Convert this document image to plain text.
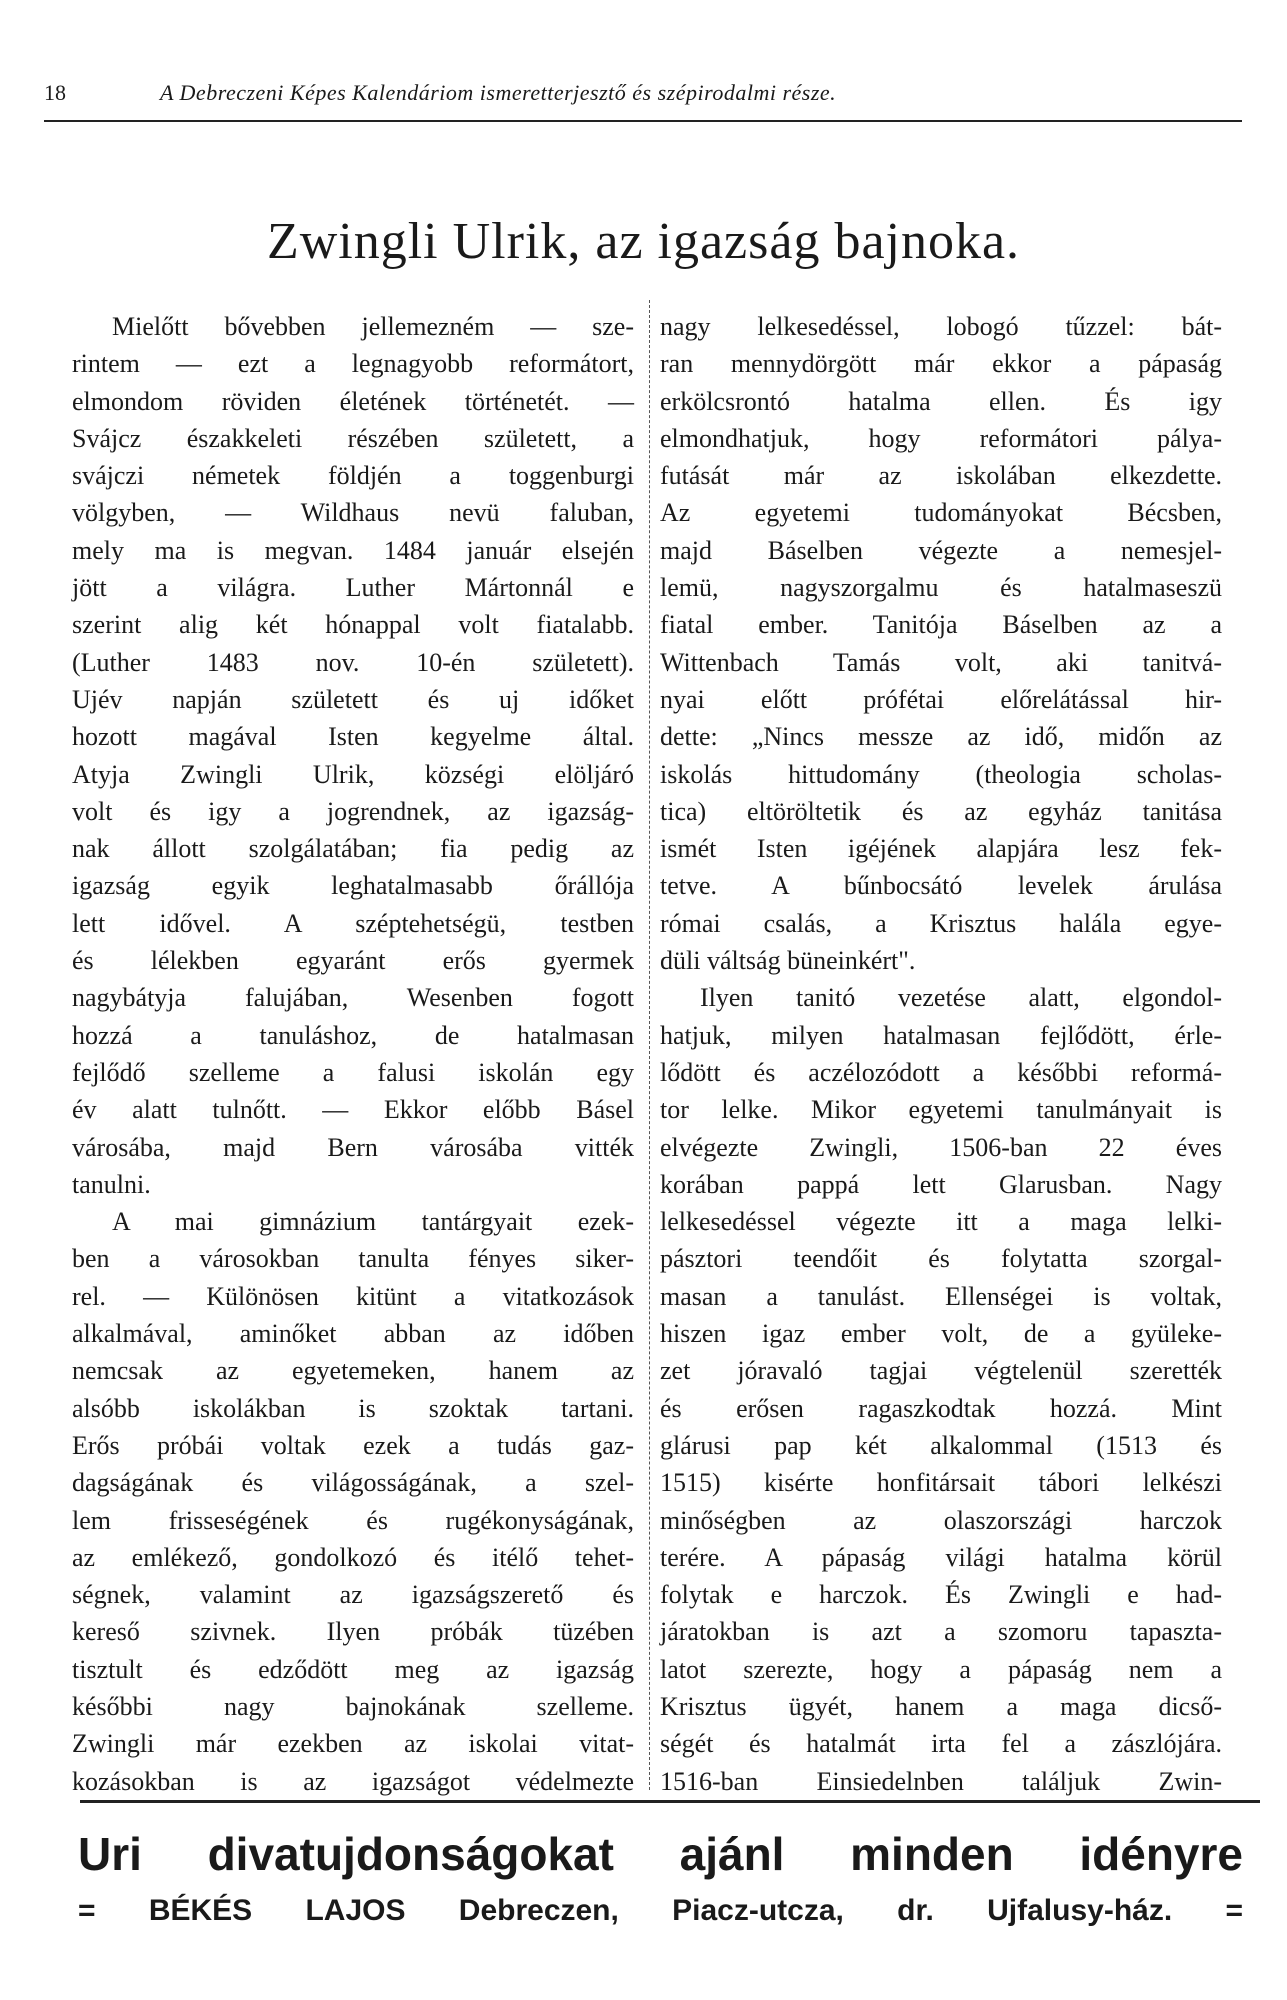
18	A Debreczeni Képes Kalendáriom ismeretterjesztő és szépirodalmi része.
Zwingli Ulrik, az igazság bajnoka.
Mielőtt bővebben jellemezném — sze-
rintem — ezt a legnagyobb reformátort,
elmondom röviden életének történetét. —
Svájcz északkeleti részében született, a
svájczi németek földjén a toggenburgi
völgyben, — Wildhaus nevü faluban,
mely ma is megvan. 1484 január elsején
jött a világra. Luther Mártonnál e
szerint alig két hónappal volt fiatalabb.
(Luther 1483 nov. 10-én született).
Ujév napján született és uj időket
hozott magával Isten kegyelme által.
Atyja Zwingli Ulrik, községi elöljáró
volt és igy a jogrendnek, az igazság-
nak állott szolgálatában; fia pedig az
igazság egyik leghatalmasabb őrállója
lett idővel. A széptehetségü, testben
és lélekben egyaránt erős gyermek
nagybátyja falujában, Wesenben fogott
hozzá a tanuláshoz, de hatalmasan
fejlődő szelleme a falusi iskolán egy
év alatt tulnőtt. — Ekkor előbb Básel
városába, majd Bern városába vitték
tanulni.
A mai gimnázium tantárgyait ezek-
ben a városokban tanulta fényes siker-
rel. — Különösen kitünt a vitatkozások
alkalmával, aminőket abban az időben
nemcsak az egyetemeken, hanem az
alsóbb iskolákban is szoktak tartani.
Erős próbái voltak ezek a tudás gaz-
dagságának és világosságának, a szel-
lem frisseségének és rugékonyságának,
az emlékező, gondolkozó és itélő tehet-
ségnek, valamint az igazságszerető és
kereső szivnek. Ilyen próbák tüzében
tisztult és edződött meg az igazság
későbbi nagy bajnokának szelleme.
Zwingli már ezekben az iskolai vitat-
kozásokban is az igazságot védelmezte
nagy lelkesedéssel, lobogó tűzzel: bát-
ran mennydörgött már ekkor a pápaság
erkölcsrontó hatalma ellen. És igy
elmondhatjuk, hogy reformátori pálya-
futását már az iskolában elkezdette.
Az egyetemi tudományokat Bécsben,
majd Báselben végezte a nemesjel-
lemü, nagyszorgalmu és hatalmaseszü
fiatal ember. Tanitója Báselben az a
Wittenbach Tamás volt, aki tanitvá-
nyai előtt prófétai előrelátással hir-
dette: „Nincs messze az idő, midőn az
iskolás hittudomány (theologia scholas-
tica) eltöröltetik és az egyház tanitása
ismét Isten igéjének alapjára lesz fek-
tetve. A bűnbocsátó levelek árulása
római csalás, a Krisztus halála egye-
düli váltság büneinkért".
Ilyen tanitó vezetése alatt, elgondol-
hatjuk, milyen hatalmasan fejlődött, érle-
lődött és aczélozódott a későbbi reformá-
tor lelke. Mikor egyetemi tanulmányait is
elvégezte Zwingli, 1506-ban 22 éves
korában pappá lett Glarusban. Nagy
lelkesedéssel végezte itt a maga lelki-
pásztori teendőit és folytatta szorgal-
masan a tanulást. Ellenségei is voltak,
hiszen igaz ember volt, de a gyüleke-
zet jóravaló tagjai végtelenül szerették
és erősen ragaszkodtak hozzá. Mint
glárusi pap két alkalommal (1513 és
1515) kisérte honfitársait tábori lelkészi
minőségben az olaszországi harczok
terére. A pápaság világi hatalma körül
folytak e harczok. És Zwingli e had-
járatokban is azt a szomoru tapaszta-
latot szerezte, hogy a pápaság nem a
Krisztus ügyét, hanem a maga dicső-
ségét és hatalmát irta fel a zászlójára.
1516-ban Einsiedelnben találjuk Zwin-
Uri divatujdonságokat ajánl minden idényre
= BÉKÉS LAJOS Debreczen, Piacz-utcza, dr. Ujfalusy-ház. =
